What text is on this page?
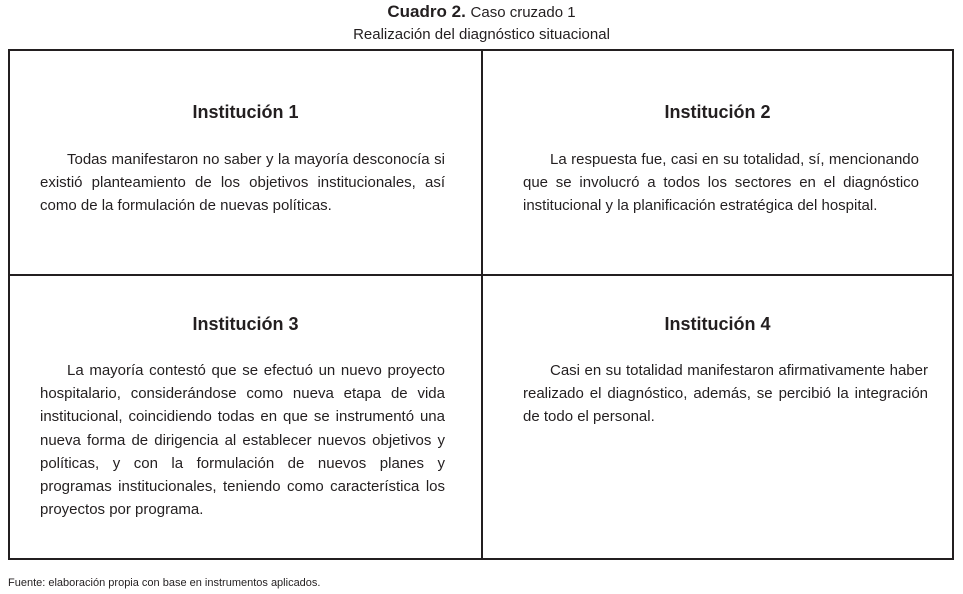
Cuadro 2. Caso cruzado 1
Realización del diagnóstico situacional
Institución 1

Todas manifestaron no saber y la mayoría desconocía si existió planteamiento de los objetivos institucionales, así como de la formulación de nuevas políticas.

Institución 2

La respuesta fue, casi en su totalidad, sí, mencionando que se involucró a todos los sectores en el diagnóstico institucional y la planificación estratégica del hospital.

Institución 3

La mayoría contestó que se efectuó un nuevo proyecto hospitalario, considerándose como nueva etapa de vida institucional, coincidiendo todas en que se instrumentó una nueva forma de dirigencia al establecer nuevos objetivos y políticas, y con la formulación de nuevos planes y programas institucionales, teniendo como característica los proyectos por programa.

Institución 4

Casi en su totalidad manifestaron afirmativamente haber realizado el diagnóstico, además, se percibió la integración de todo el personal.

Fuente: elaboración propia con base en instrumentos aplicados.
